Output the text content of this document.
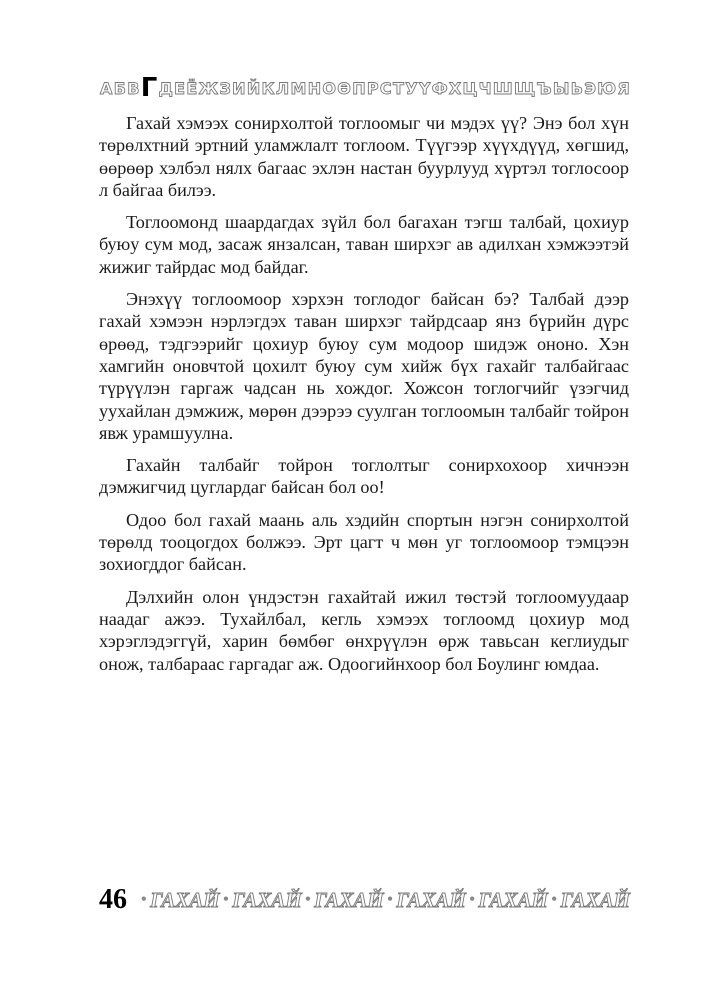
А Б В Г Д Е Ё Ж З И Й К Л М Н О Ө П Р С Т У Ү Ф Х Ц Ч Ш Щ Ъ Ы Ь Э Ю Я

Гахай хэмээх сонирхолтой тоглоомыг чи мэдэх үү? Энэ бол хүн төрөлхтний эртний уламжлалт тоглоом. Түүгээр хүүхдүүд, хөгшид, өөрөөр хэлбэл нялх багаас эхлэн настан буурлууд хүртэл тоглосоор л байгаа билээ.

Тоглоомонд шаардагдах зүйл бол багахан тэгш талбай, цохиур буюу сум мод, засаж янзалсан, таван ширхэг ав адилхан хэмжээтэй жижиг тайрдас мод байдаг.

Энэхүү тоглоомоор хэрхэн тоглодог байсан бэ? Талбай дээр гахай хэмээн нэрлэгдэх таван ширхэг тайрдсаар янз бүрийн дүрс өрөөд, тэдгээрийг цохиур буюу сум модоор шидэж ононо. Хэн хамгийн оновчтой цохилт буюу сум хийж бүх гахайг талбайгаас түрүүлэн гаргаж чадсан нь хождог. Хожсон тоглогчийг үзэгчид уухайлан дэмжиж, мөрөн дээрээ суулган тоглоомын талбайг тойрон явж урамшуулна.

Гахайн талбайг тойрон тоглолтыг сонирхохоор хичнээн дэмжигчид цуглардаг байсан бол оо!

Одоо бол гахай маань аль хэдийн спортын нэгэн сонирхолтой төрөлд тооцогдох болжээ. Эрт цагт ч мөн уг тоглоомоор тэмцээн зохиогддог байсан.

Дэлхийн олон үндэстэн гахайтай ижил төстэй тоглоомуудаар наадаг ажээ. Тухайлбал, кегль хэмээх тоглоомд цохиур мод хэрэглэдэггүй, харин бөмбөг өнхрүүлэн өрж тавьсан кеглиудыг онож, талбараас гаргадаг аж. Одоогийнхоор бол Боулинг юмдаа.

46 • ГАХАЙ • ГАХАЙ • ГАХАЙ • ГАХАЙ • ГАХАЙ • ГАХАЙ
